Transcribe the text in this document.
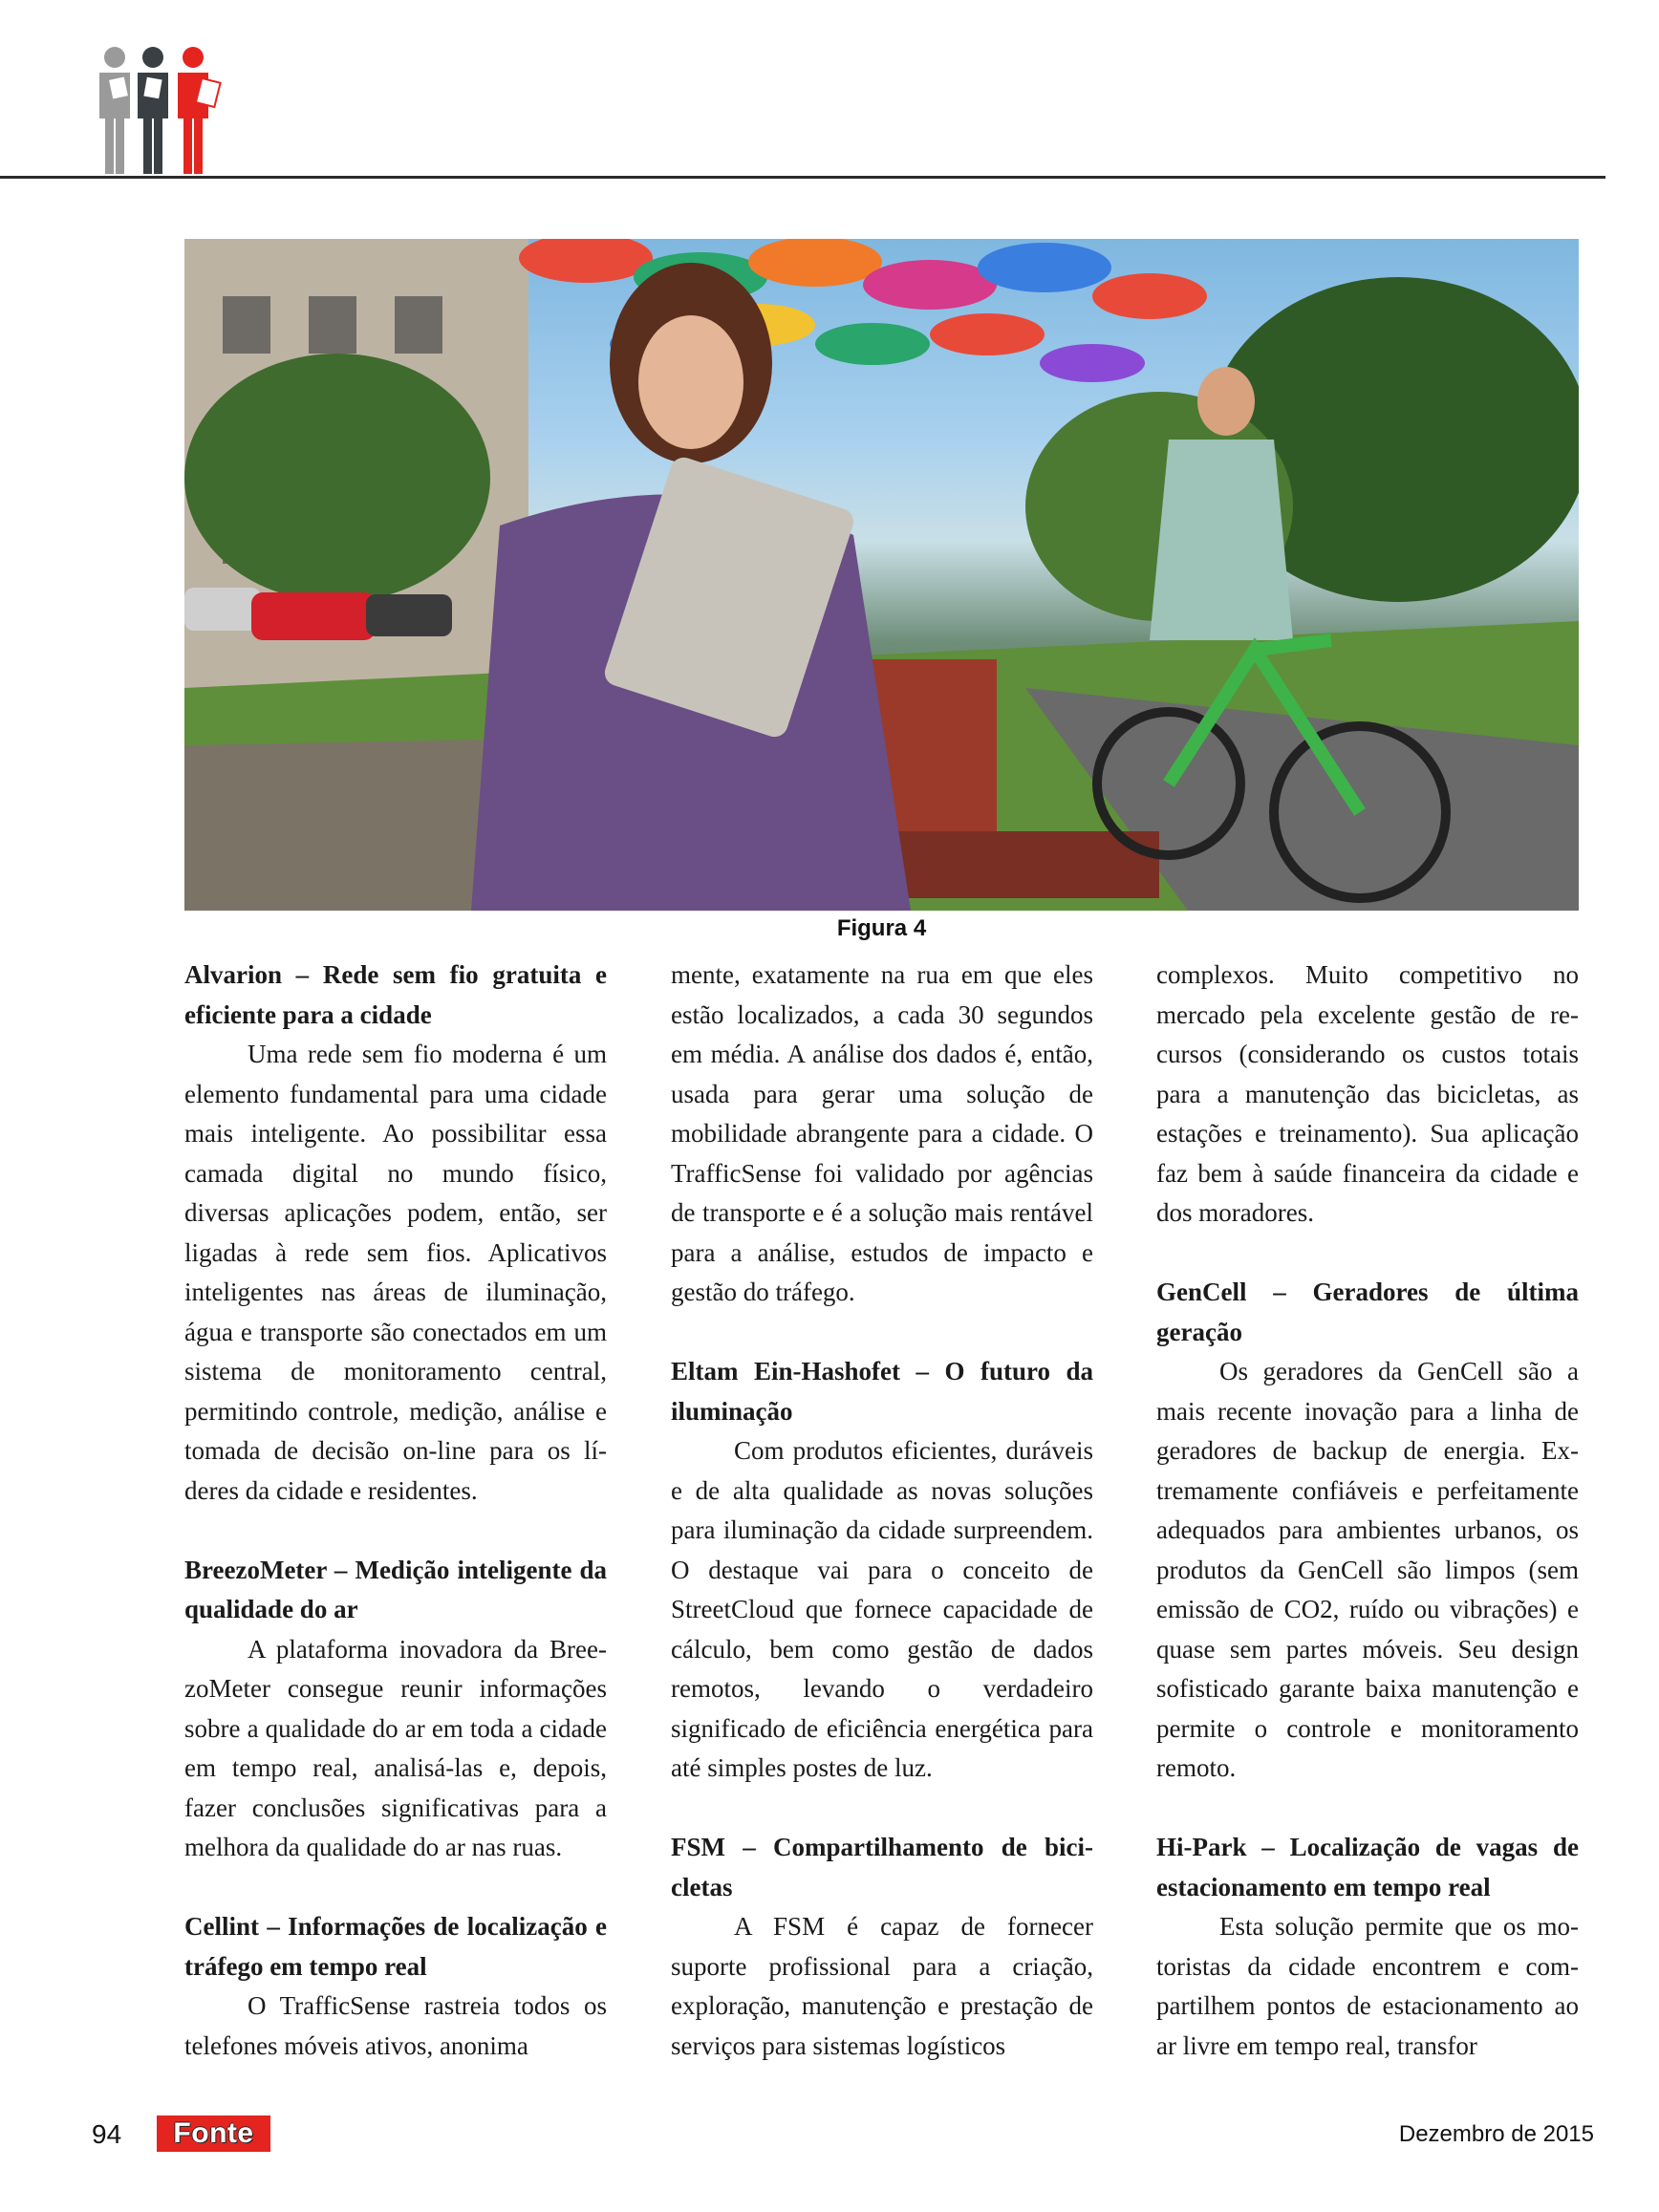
Figura 4
Alvarion – Rede sem fio gratuita e eficiente para a cidade

Uma rede sem fio moderna é um elemento fundamental para uma cidade mais inteligente. Ao possibilitar essa camada digital no mundo físico, diversas aplicações podem, então, ser ligadas à rede sem fios. Aplicativos inteligentes nas áreas de iluminação, água e transporte são conectados em um sistema de monitoramento central, permitindo controle, medição, análise e tomada de decisão on-line para os líderes da cidade e residentes.

BreezoMeter – Medição inteligente da qualidade do ar

A plataforma inovadora da BreezoMeter consegue reunir informações sobre a qualidade do ar em toda a cidade em tempo real, analisá-las e, depois, fazer conclusões significativas para a melhora da qualidade do ar nas ruas.

Cellint – Informações de localização e tráfego em tempo real

O TrafficSense rastreia todos os telefones móveis ativos, anonima

mente, exatamente na rua em que eles estão localizados, a cada 30 segundos em média. A análise dos dados é, então, usada para gerar uma solução de mobilidade abrangente para a cidade. O TrafficSense foi validado por agências de transporte e é a solução mais rentável para a análise, estudos de impacto e gestão do tráfego.

Eltam Ein-Hashofet – O futuro da iluminação

Com produtos eficientes, duráveis e de alta qualidade as novas soluções para iluminação da cidade surpreendem. O destaque vai para o conceito de StreetCloud que fornece capacidade de cálculo, bem como gestão de dados remotos, levando o verdadeiro significado de eficiência energética para até simples postes de luz.

FSM – Compartilhamento de bicicletas

A FSM é capaz de fornecer suporte profissional para a criação, exploração, manutenção e prestação de serviços para sistemas logísticos

complexos. Muito competitivo no mercado pela excelente gestão de recursos (considerando os custos totais para a manutenção das bicicletas, as estações e treinamento). Sua aplicação faz bem à saúde financeira da cidade e dos moradores.

GenCell – Geradores de última geração

Os geradores da GenCell são a mais recente inovação para a linha de geradores de backup de energia. Extremamente confiáveis e perfeitamente adequados para ambientes urbanos, os produtos da GenCell são limpos (sem emissão de CO2, ruído ou vibrações) e quase sem partes móveis. Seu design sofisticado garante baixa manutenção e permite o controle e monitoramento remoto.

Hi-Park – Localização de vagas de estacionamento em tempo real

Esta solução permite que os motoristas da cidade encontrem e compartilhem pontos de estacionamento ao ar livre em tempo real, transfor

94	Fonte	Dezembro de 2015
